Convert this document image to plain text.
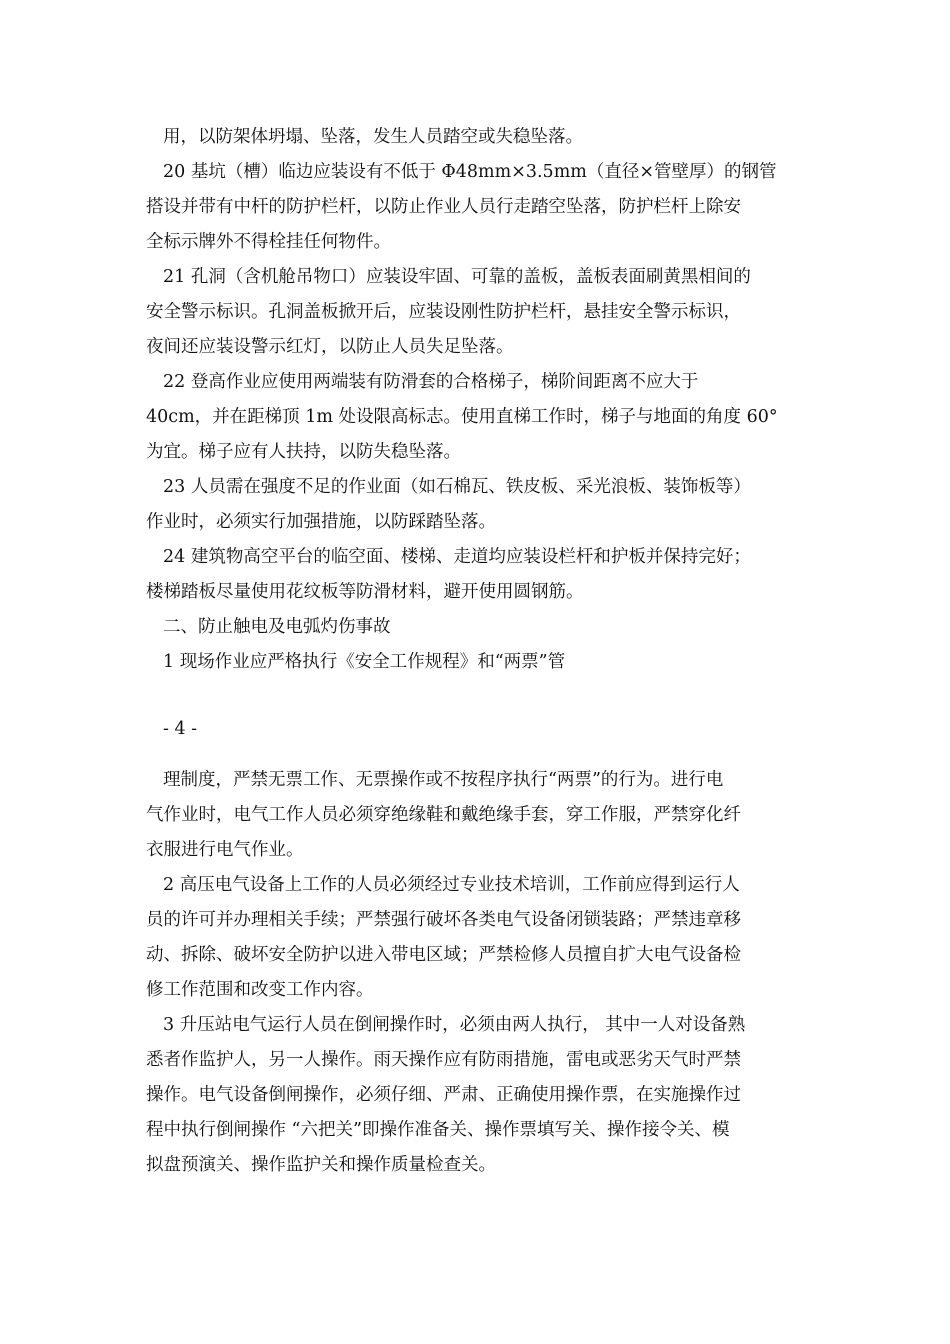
用，以防架体坍塌、坠落，发生人员踏空或失稳坠落。
20 基坑（槽）临边应装设有不低于 Φ48mm×3.5mm（直径×管壁厚）的钢管
搭设并带有中杆的防护栏杆，以防止作业人员行走踏空坠落，防护栏杆上除安
全标示牌外不得栓挂任何物件。
21 孔洞（含机舱吊物口）应装设牢固、可靠的盖板，盖板表面刷黄黑相间的
安全警示标识。孔洞盖板掀开后，应装设刚性防护栏杆，悬挂安全警示标识，
夜间还应装设警示红灯，以防止人员失足坠落。
22 登高作业应使用两端装有防滑套的合格梯子，梯阶间距离不应大于
40cm，并在距梯顶 1m 处设限高标志。使用直梯工作时，梯子与地面的角度 60°
为宜。梯子应有人扶持，以防失稳坠落。
23 人员需在强度不足的作业面（如石棉瓦、铁皮板、采光浪板、装饰板等）
作业时，必须实行加强措施，以防踩踏坠落。
24 建筑物高空平台的临空面、楼梯、走道均应装设栏杆和护板并保持完好；
楼梯踏板尽量使用花纹板等防滑材料，避开使用圆钢筋。
二、防止触电及电弧灼伤事故
1 现场作业应严格执行《安全工作规程》和“两票”管
- 4 -
理制度，严禁无票工作、无票操作或不按程序执行“两票”的行为。进行电
气作业时，电气工作人员必须穿绝缘鞋和戴绝缘手套，穿工作服，严禁穿化纤
衣服进行电气作业。
2 高压电气设备上工作的人员必须经过专业技术培训，工作前应得到运行人
员的许可并办理相关手续；严禁强行破坏各类电气设备闭锁装路；严禁违章移
动、拆除、破坏安全防护以进入带电区域；严禁检修人员擅自扩大电气设备检
修工作范围和改变工作内容。
3 升压站电气运行人员在倒闸操作时，必须由两人执行， 其中一人对设备熟
悉者作监护人，另一人操作。雨天操作应有防雨措施，雷电或恶劣天气时严禁
操作。电气设备倒闸操作，必须仔细、严肃、正确使用操作票，在实施操作过
程中执行倒闸操作 “六把关”即操作准备关、操作票填写关、操作接令关、模
拟盘预演关、操作监护关和操作质量检查关。
